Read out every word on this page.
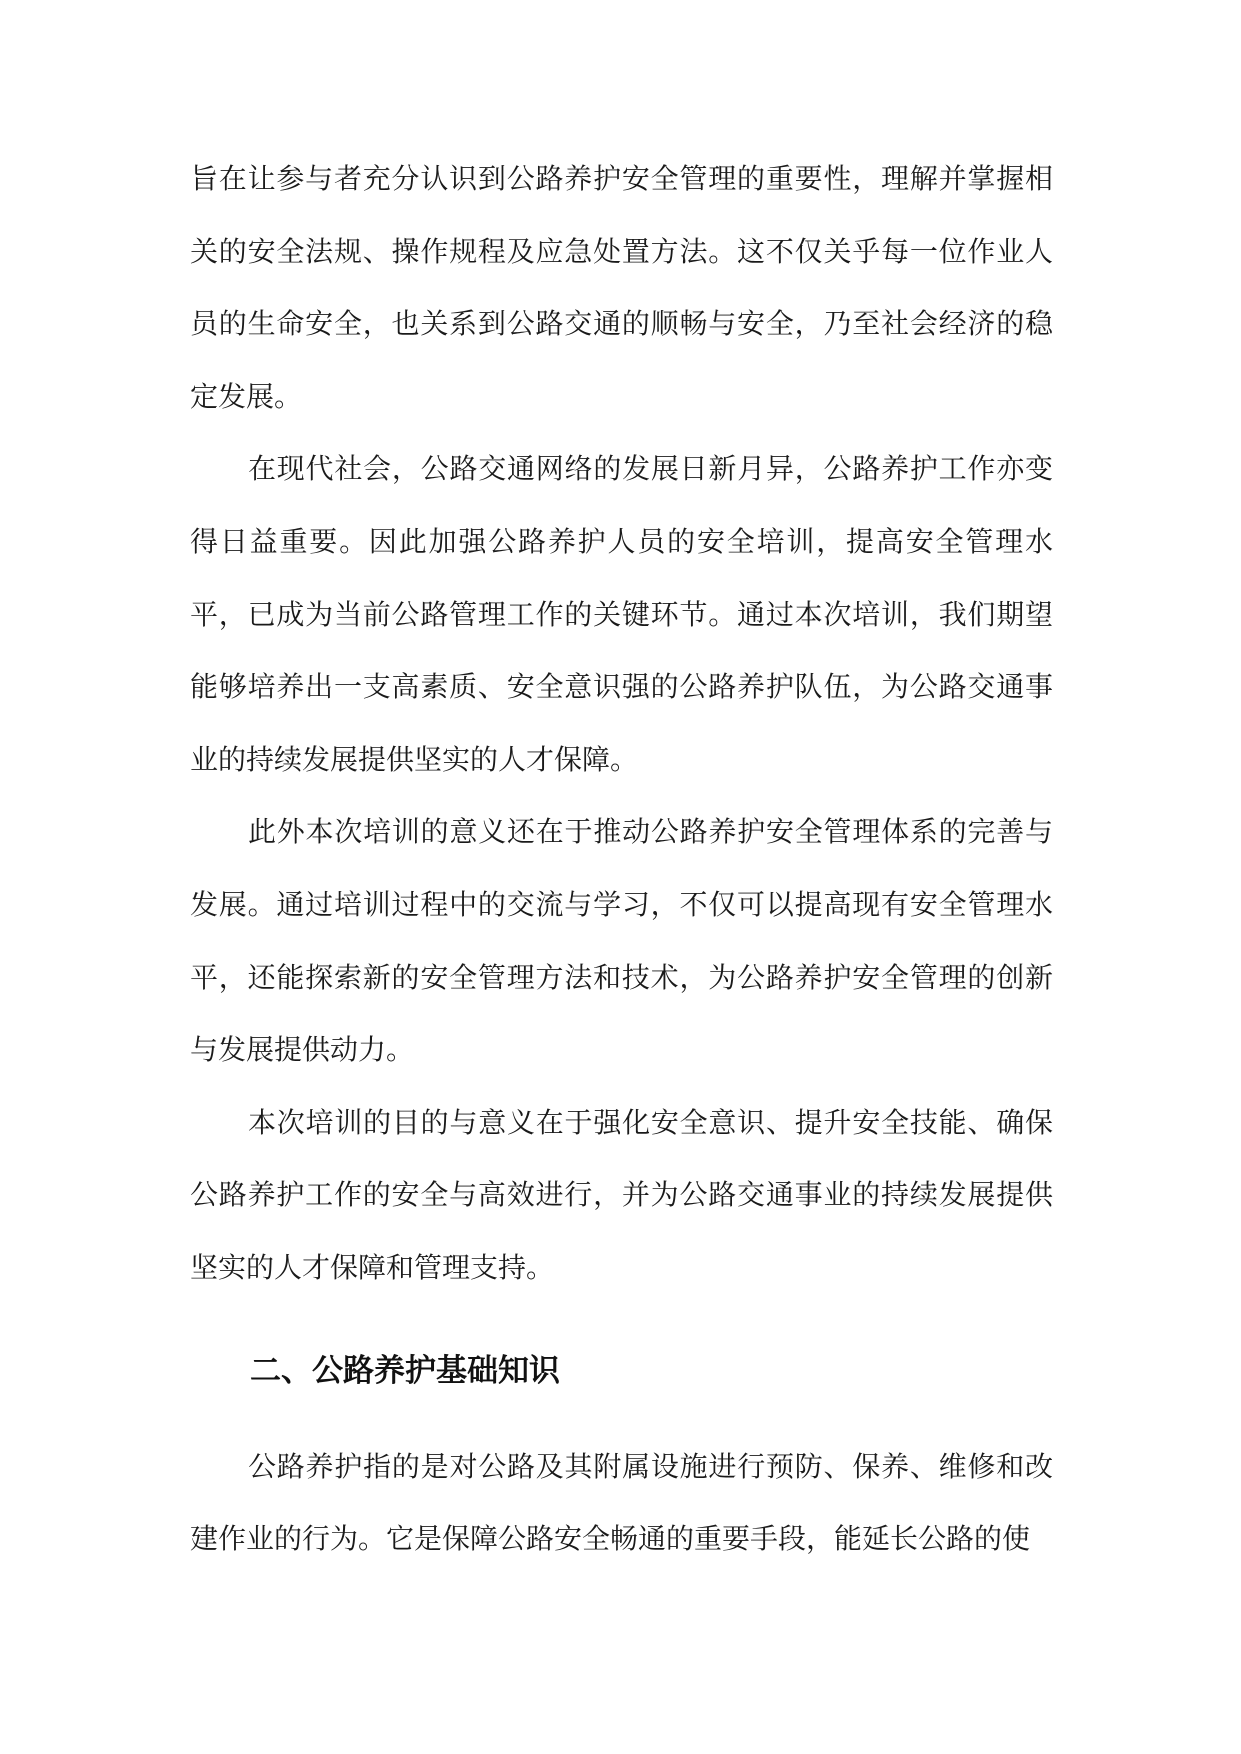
旨在让参与者充分认识到公路养护安全管理的重要性，理解并掌握相关的安全法规、操作规程及应急处置方法。这不仅关乎每一位作业人员的生命安全，也关系到公路交通的顺畅与安全，乃至社会经济的稳定发展。

在现代社会，公路交通网络的发展日新月异，公路养护工作亦变得日益重要。因此加强公路养护人员的安全培训，提高安全管理水平，已成为当前公路管理工作的关键环节。通过本次培训，我们期望能够培养出一支高素质、安全意识强的公路养护队伍，为公路交通事业的持续发展提供坚实的人才保障。

此外本次培训的意义还在于推动公路养护安全管理体系的完善与发展。通过培训过程中的交流与学习，不仅可以提高现有安全管理水平，还能探索新的安全管理方法和技术，为公路养护安全管理的创新与发展提供动力。

本次培训的目的与意义在于强化安全意识、提升安全技能、确保公路养护工作的安全与高效进行，并为公路交通事业的持续发展提供坚实的人才保障和管理支持。

二、公路养护基础知识

公路养护指的是对公路及其附属设施进行预防、保养、维修和改建作业的行为。它是保障公路安全畅通的重要手段，能延长公路的使
